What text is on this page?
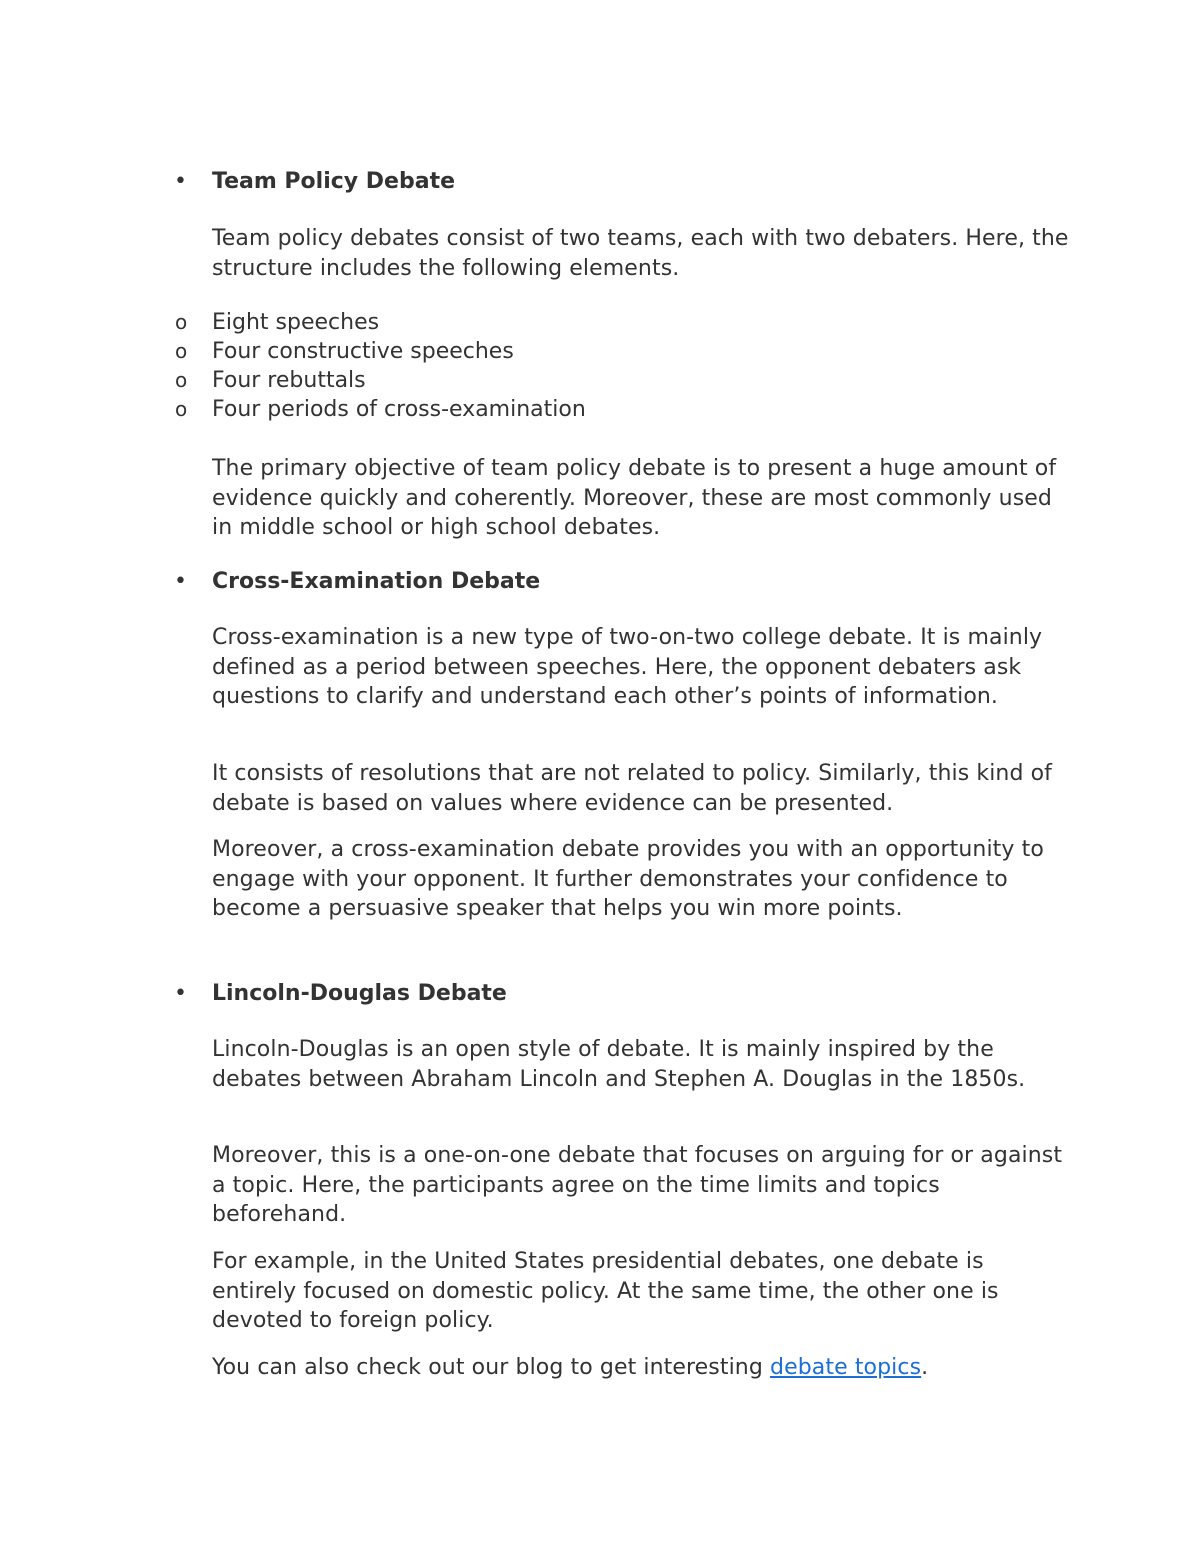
• Team Policy Debate

Team policy debates consist of two teams, each with two debaters. Here, the structure includes the following elements.

o Eight speeches
o Four constructive speeches
o Four rebuttals
o Four periods of cross-examination

The primary objective of team policy debate is to present a huge amount of evidence quickly and coherently. Moreover, these are most commonly used in middle school or high school debates.

• Cross-Examination Debate

Cross-examination is a new type of two-on-two college debate. It is mainly defined as a period between speeches. Here, the opponent debaters ask questions to clarify and understand each other’s points of information.

It consists of resolutions that are not related to policy. Similarly, this kind of debate is based on values where evidence can be presented.

Moreover, a cross-examination debate provides you with an opportunity to engage with your opponent. It further demonstrates your confidence to become a persuasive speaker that helps you win more points.

• Lincoln-Douglas Debate

Lincoln-Douglas is an open style of debate. It is mainly inspired by the debates between Abraham Lincoln and Stephen A. Douglas in the 1850s.

Moreover, this is a one-on-one debate that focuses on arguing for or against a topic. Here, the participants agree on the time limits and topics beforehand.

For example, in the United States presidential debates, one debate is entirely focused on domestic policy. At the same time, the other one is devoted to foreign policy.

You can also check out our blog to get interesting debate topics.
